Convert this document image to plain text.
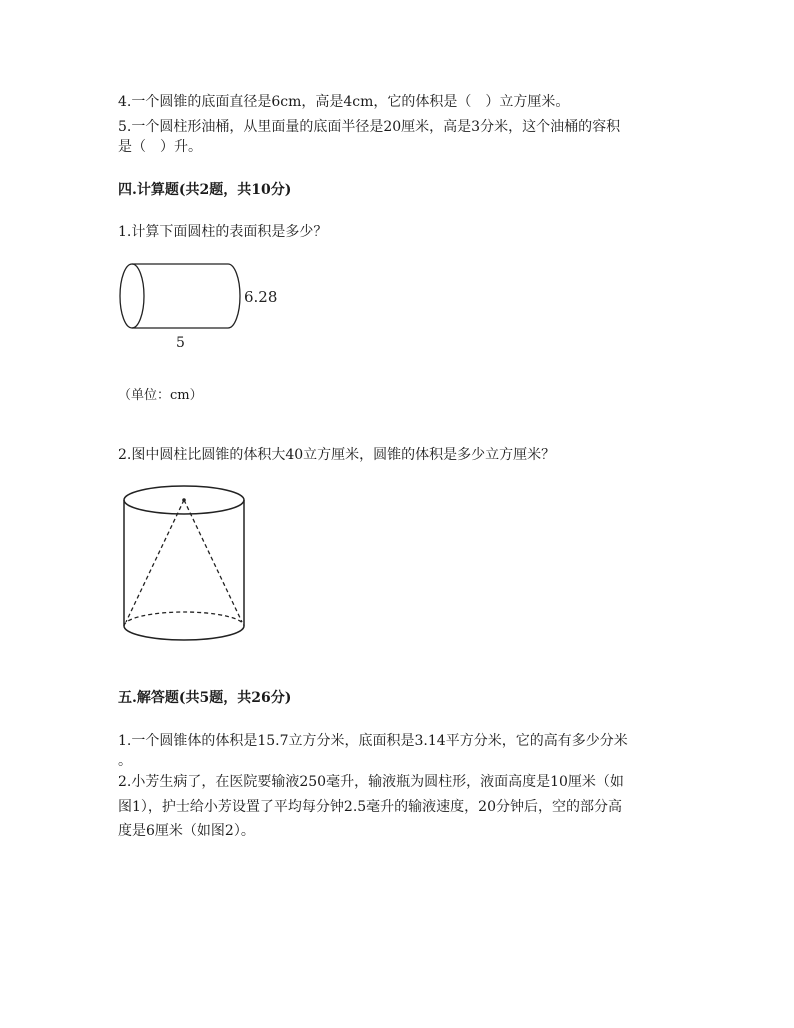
4.一个圆锥的底面直径是6cm，高是4cm，它的体积是（　）立方厘米。
5.一个圆柱形油桶，从里面量的底面半径是20厘米，高是3分米，这个油桶的容积
是（　）升。
四.计算题(共2题，共10分)
1.计算下面圆柱的表面积是多少？
6.28
5
（单位：cm）
2.图中圆柱比圆锥的体积大40立方厘米，圆锥的体积是多少立方厘米？
五.解答题(共5题，共26分)
1.一个圆锥体的体积是15.7立方分米，底面积是3.14平方分米，它的高有多少分米
。
2.小芳生病了，在医院要输液250毫升，输液瓶为圆柱形，液面高度是10厘米（如
图1），护士给小芳设置了平均每分钟2.5毫升的输液速度，20分钟后，空的部分高
度是6厘米（如图2）。
